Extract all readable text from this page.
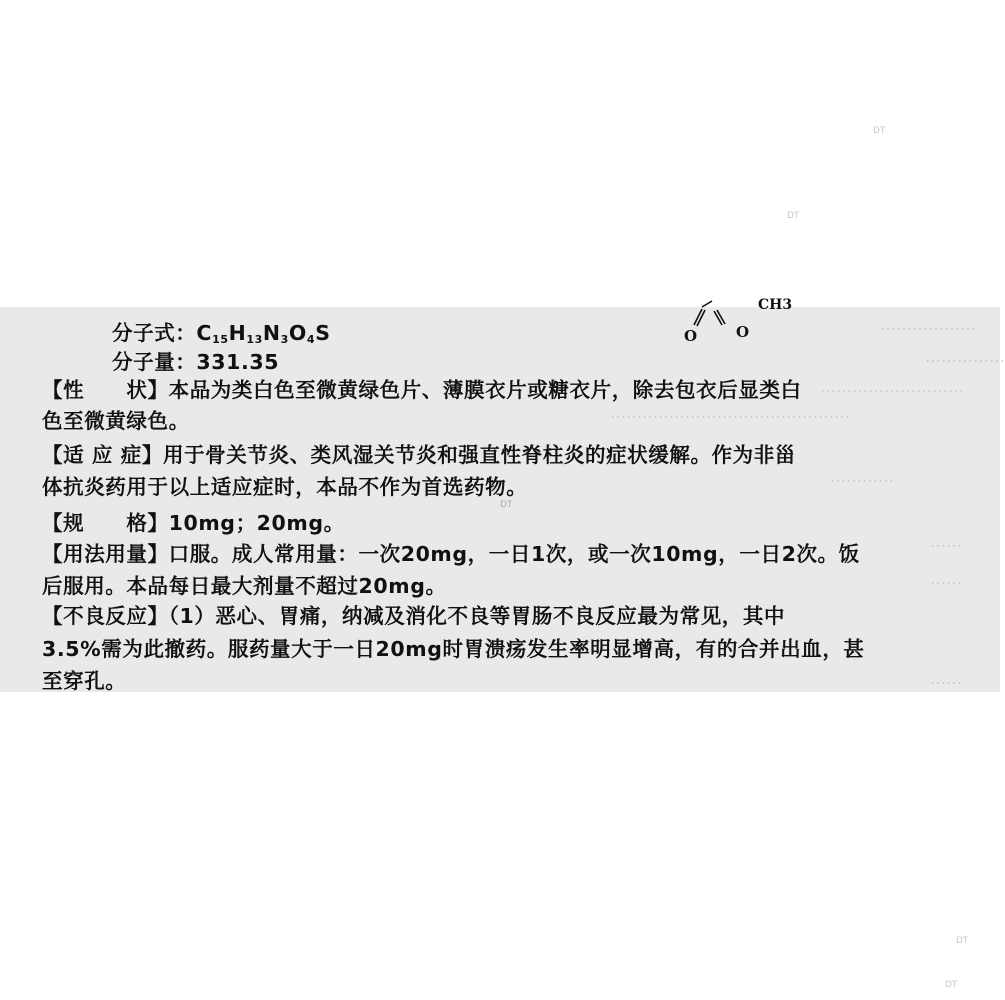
………………
……………
………………………
………………………………………
…………
……
……
……
O	O
CH3
分子式：$C_{15}H_{13}N_3O_4S$
分子量：331.35
【性　　状】本品为类白色至微黄绿色片、薄膜衣片或糖衣片，除去包衣后显类白
色至微黄绿色。
【适 应 症】用于骨关节炎、类风湿关节炎和强直性脊柱炎的症状缓解。作为非甾
体抗炎药用于以上适应症时，本品不作为首选药物。
【规　　格】10mg；20mg。
【用法用量】口服。成人常用量：一次20mg，一日1次，或一次10mg，一日2次。饭
后服用。本品每日最大剂量不超过20mg。
【不良反应】（1）恶心、胃痛，纳减及消化不良等胃肠不良反应最为常见，其中
3.5%需为此撤药。服药量大于一日20mg时胃溃疡发生率明显增高，有的合并出血，甚
至穿孔。
DT
DT
DT
DT
DT
